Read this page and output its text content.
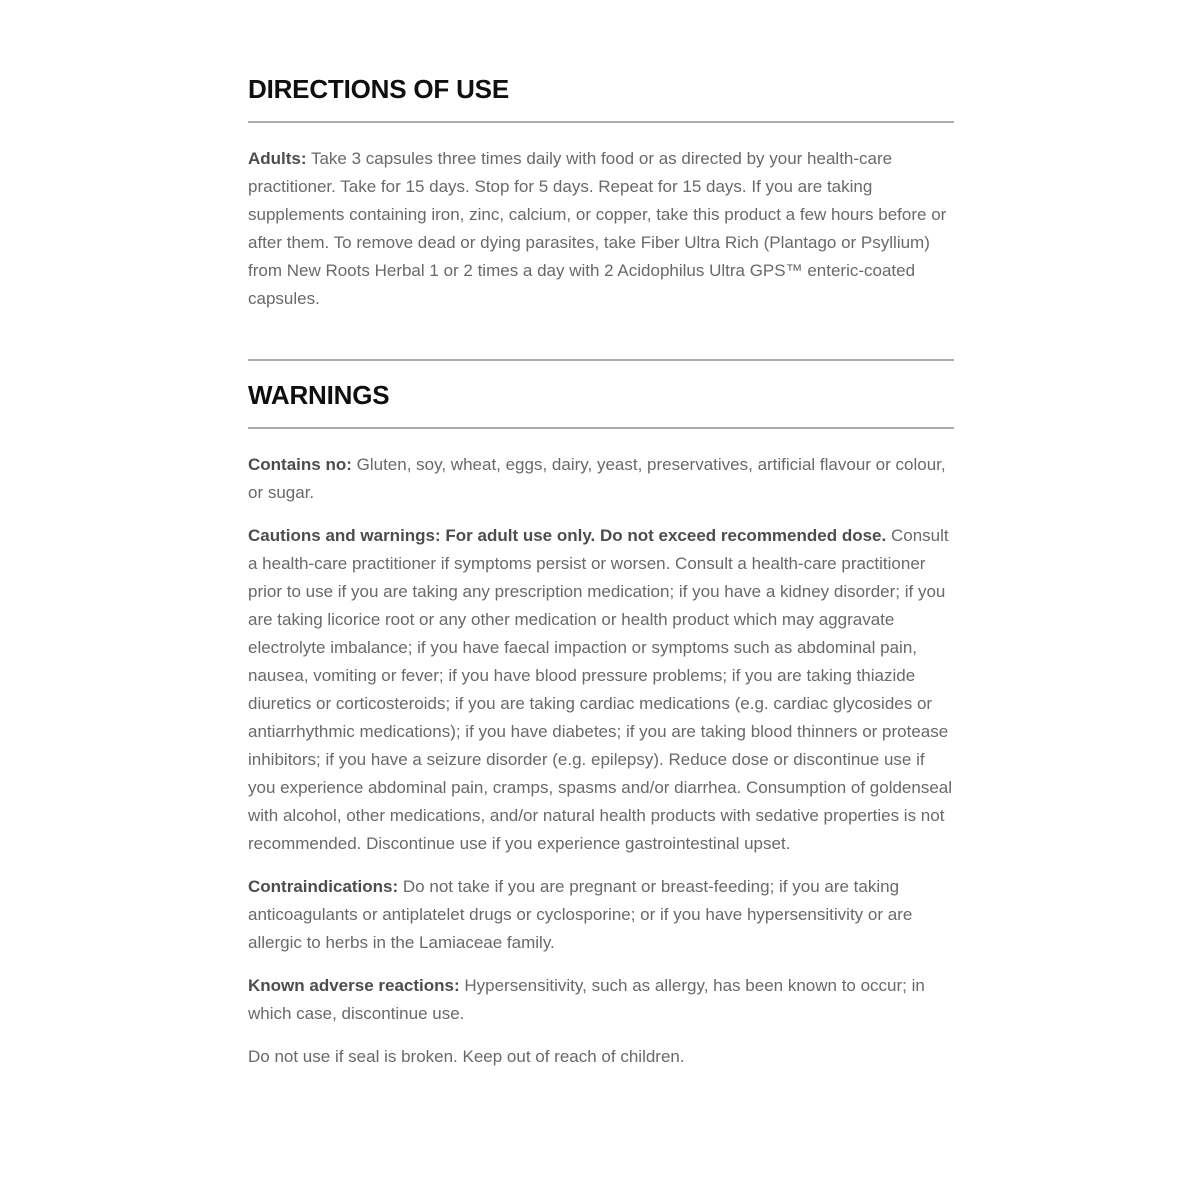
DIRECTIONS OF USE

Adults: Take 3 capsules three times daily with food or as directed by your health-care practitioner. Take for 15 days. Stop for 5 days. Repeat for 15 days. If you are taking supplements containing iron, zinc, calcium, or copper, take this product a few hours before or after them. To remove dead or dying parasites, take Fiber Ultra Rich (Plantago or Psyllium) from New Roots Herbal 1 or 2 times a day with 2 Acidophilus Ultra GPS™ enteric-coated capsules.

WARNINGS

Contains no: Gluten, soy, wheat, eggs, dairy, yeast, preservatives, artificial flavour or colour, or sugar.

Cautions and warnings: For adult use only. Do not exceed recommended dose. Consult a health-care practitioner if symptoms persist or worsen. Consult a health-care practitioner prior to use if you are taking any prescription medication; if you have a kidney disorder; if you are taking licorice root or any other medication or health product which may aggravate electrolyte imbalance; if you have faecal impaction or symptoms such as abdominal pain, nausea, vomiting or fever; if you have blood pressure problems; if you are taking thiazide diuretics or corticosteroids; if you are taking cardiac medications (e.g. cardiac glycosides or antiarrhythmic medications); if you have diabetes; if you are taking blood thinners or protease inhibitors; if you have a seizure disorder (e.g. epilepsy). Reduce dose or discontinue use if you experience abdominal pain, cramps, spasms and/or diarrhea. Consumption of goldenseal with alcohol, other medications, and/or natural health products with sedative properties is not recommended. Discontinue use if you experience gastrointestinal upset.

Contraindications: Do not take if you are pregnant or breast-feeding; if you are taking anticoagulants or antiplatelet drugs or cyclosporine; or if you have hypersensitivity or are allergic to herbs in the Lamiaceae family.

Known adverse reactions: Hypersensitivity, such as allergy, has been known to occur; in which case, discontinue use.

Do not use if seal is broken. Keep out of reach of children.
